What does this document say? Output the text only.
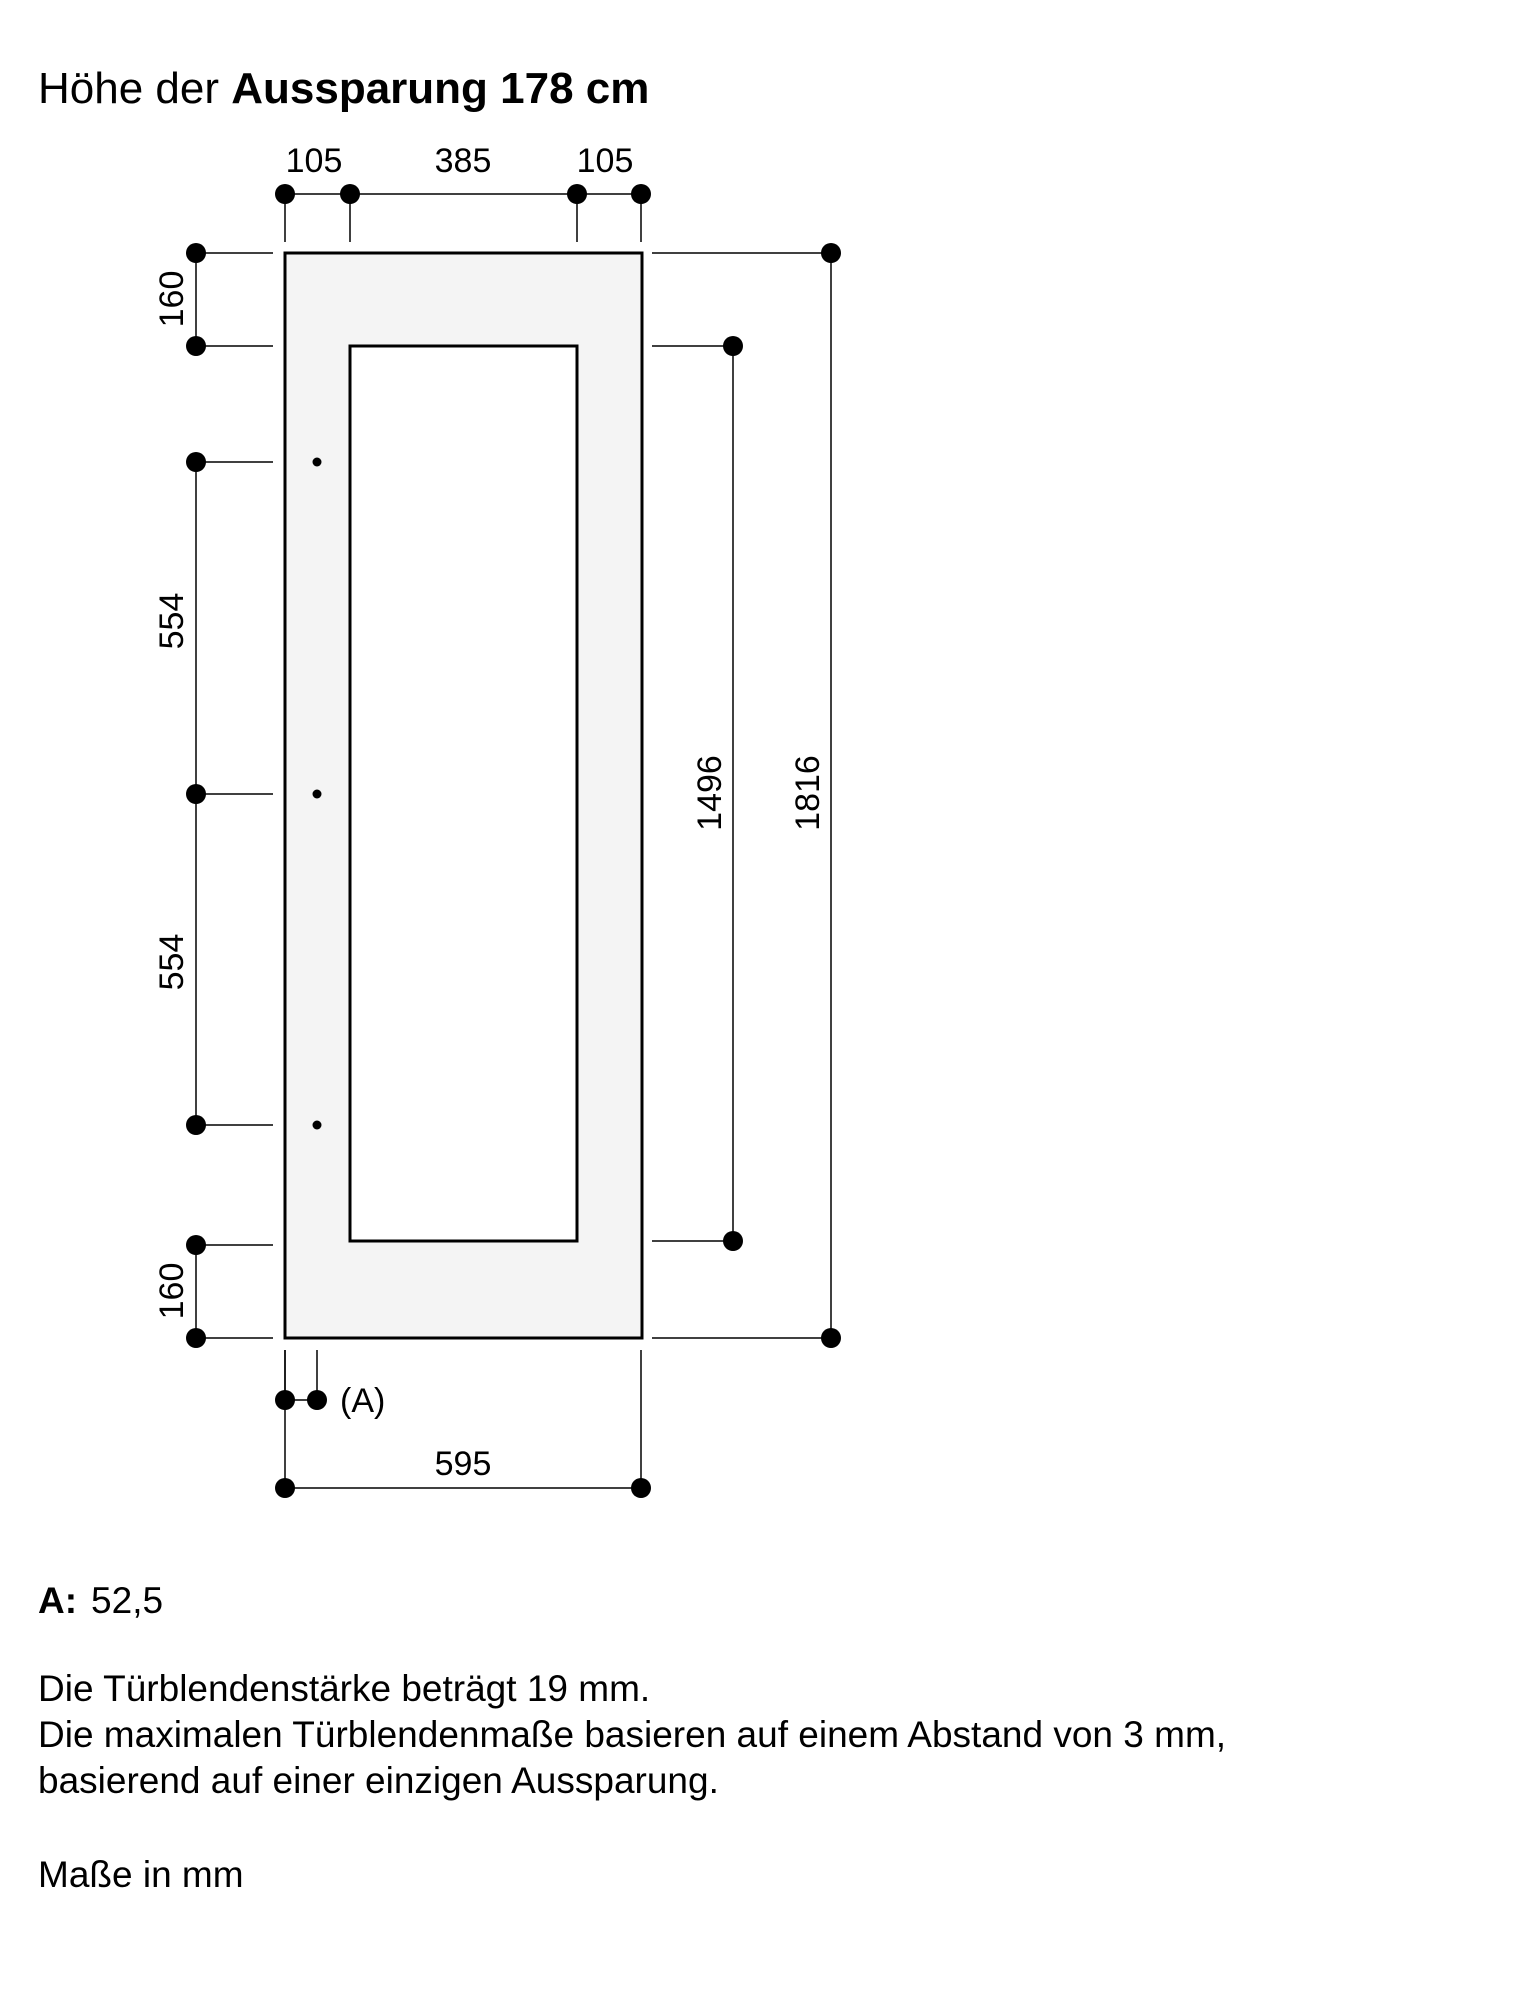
Höhe der Aussparung 178 cm
105	385	105
160
554
554
160
1496 1816
(A)
595

A: 52,5

Die Türblendenstärke beträgt 19 mm.

Die maximalen Türblendenmaße basieren auf einem Abstand von 3 mm,

basierend auf einer einzigen Aussparung.

Maße in mm
